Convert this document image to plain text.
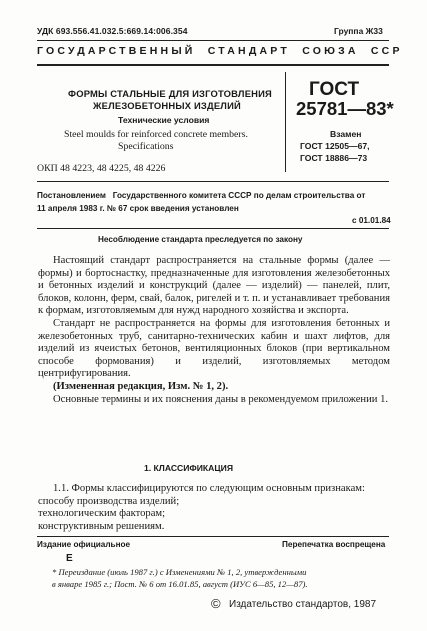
УДК 693.556.41.032.5:669.14:006.354	Группа Ж33
ГОСУДАРСТВЕННЫЙ  СТАНДАРТ  СОЮЗА  ССР
ФОРМЫ СТАЛЬНЫЕ ДЛЯ ИЗГОТОВЛЕНИЯ
ЖЕЛЕЗОБЕТОННЫХ ИЗДЕЛИЙ
Технические условия
Steel moulds for reinforced concrete members.
Specifications
ГОСТ
25781—83*
Взамен
ГОСТ 12505—67,
ГОСТ 18886—73
ОКП 48 4223, 48 4225, 48 4226
Постановлением   Государственного комитета СССР по делам строительства от
11 апреля 1983 г. № 67 срок введения установлен
с 01.01.84
Несоблюдение стандарта преследуется по закону

Настоящий стандарт распространяется на стальные формы (далее — формы) и бортоснастку, предназначенные для изготовления железобетонных и бетонных изделий и конструкций (далее — изделий) — панелей, плит, блоков, колонн, ферм, свай, балок, ригелей и т. п. и устанавливает требования к формам, изготовляемым для нужд народного хозяйства и экспорта.

Стандарт не распространяется на формы для изготовления бетонных и железобетонных труб, санитарно-технических кабин и шахт лифтов, для изделий из ячеистых бетонов, вентиляционных блоков (при вертикальном способе формования) и изделий, изготовляемых методом центрифугирования.

(Измененная редакция, Изм. № 1, 2).

Основные термины и их пояснения даны в рекомендуемом приложении 1.

1. КЛАССИФИКАЦИЯ

1.1. Формы классифицируются по следующим основным признакам:

способу производства изделий;

технологическим факторам;

конструктивным решениям.

Издание официальное	Перепечатка воспрещена
Е
* Переиздание (июль 1987 г.) с Изменениями № 1, 2, утвержденными
в январе 1985 г.; Пост. № 6 от 16.01.85, август (ИУС 6—85, 12—87).
© Издательство стандартов, 1987
